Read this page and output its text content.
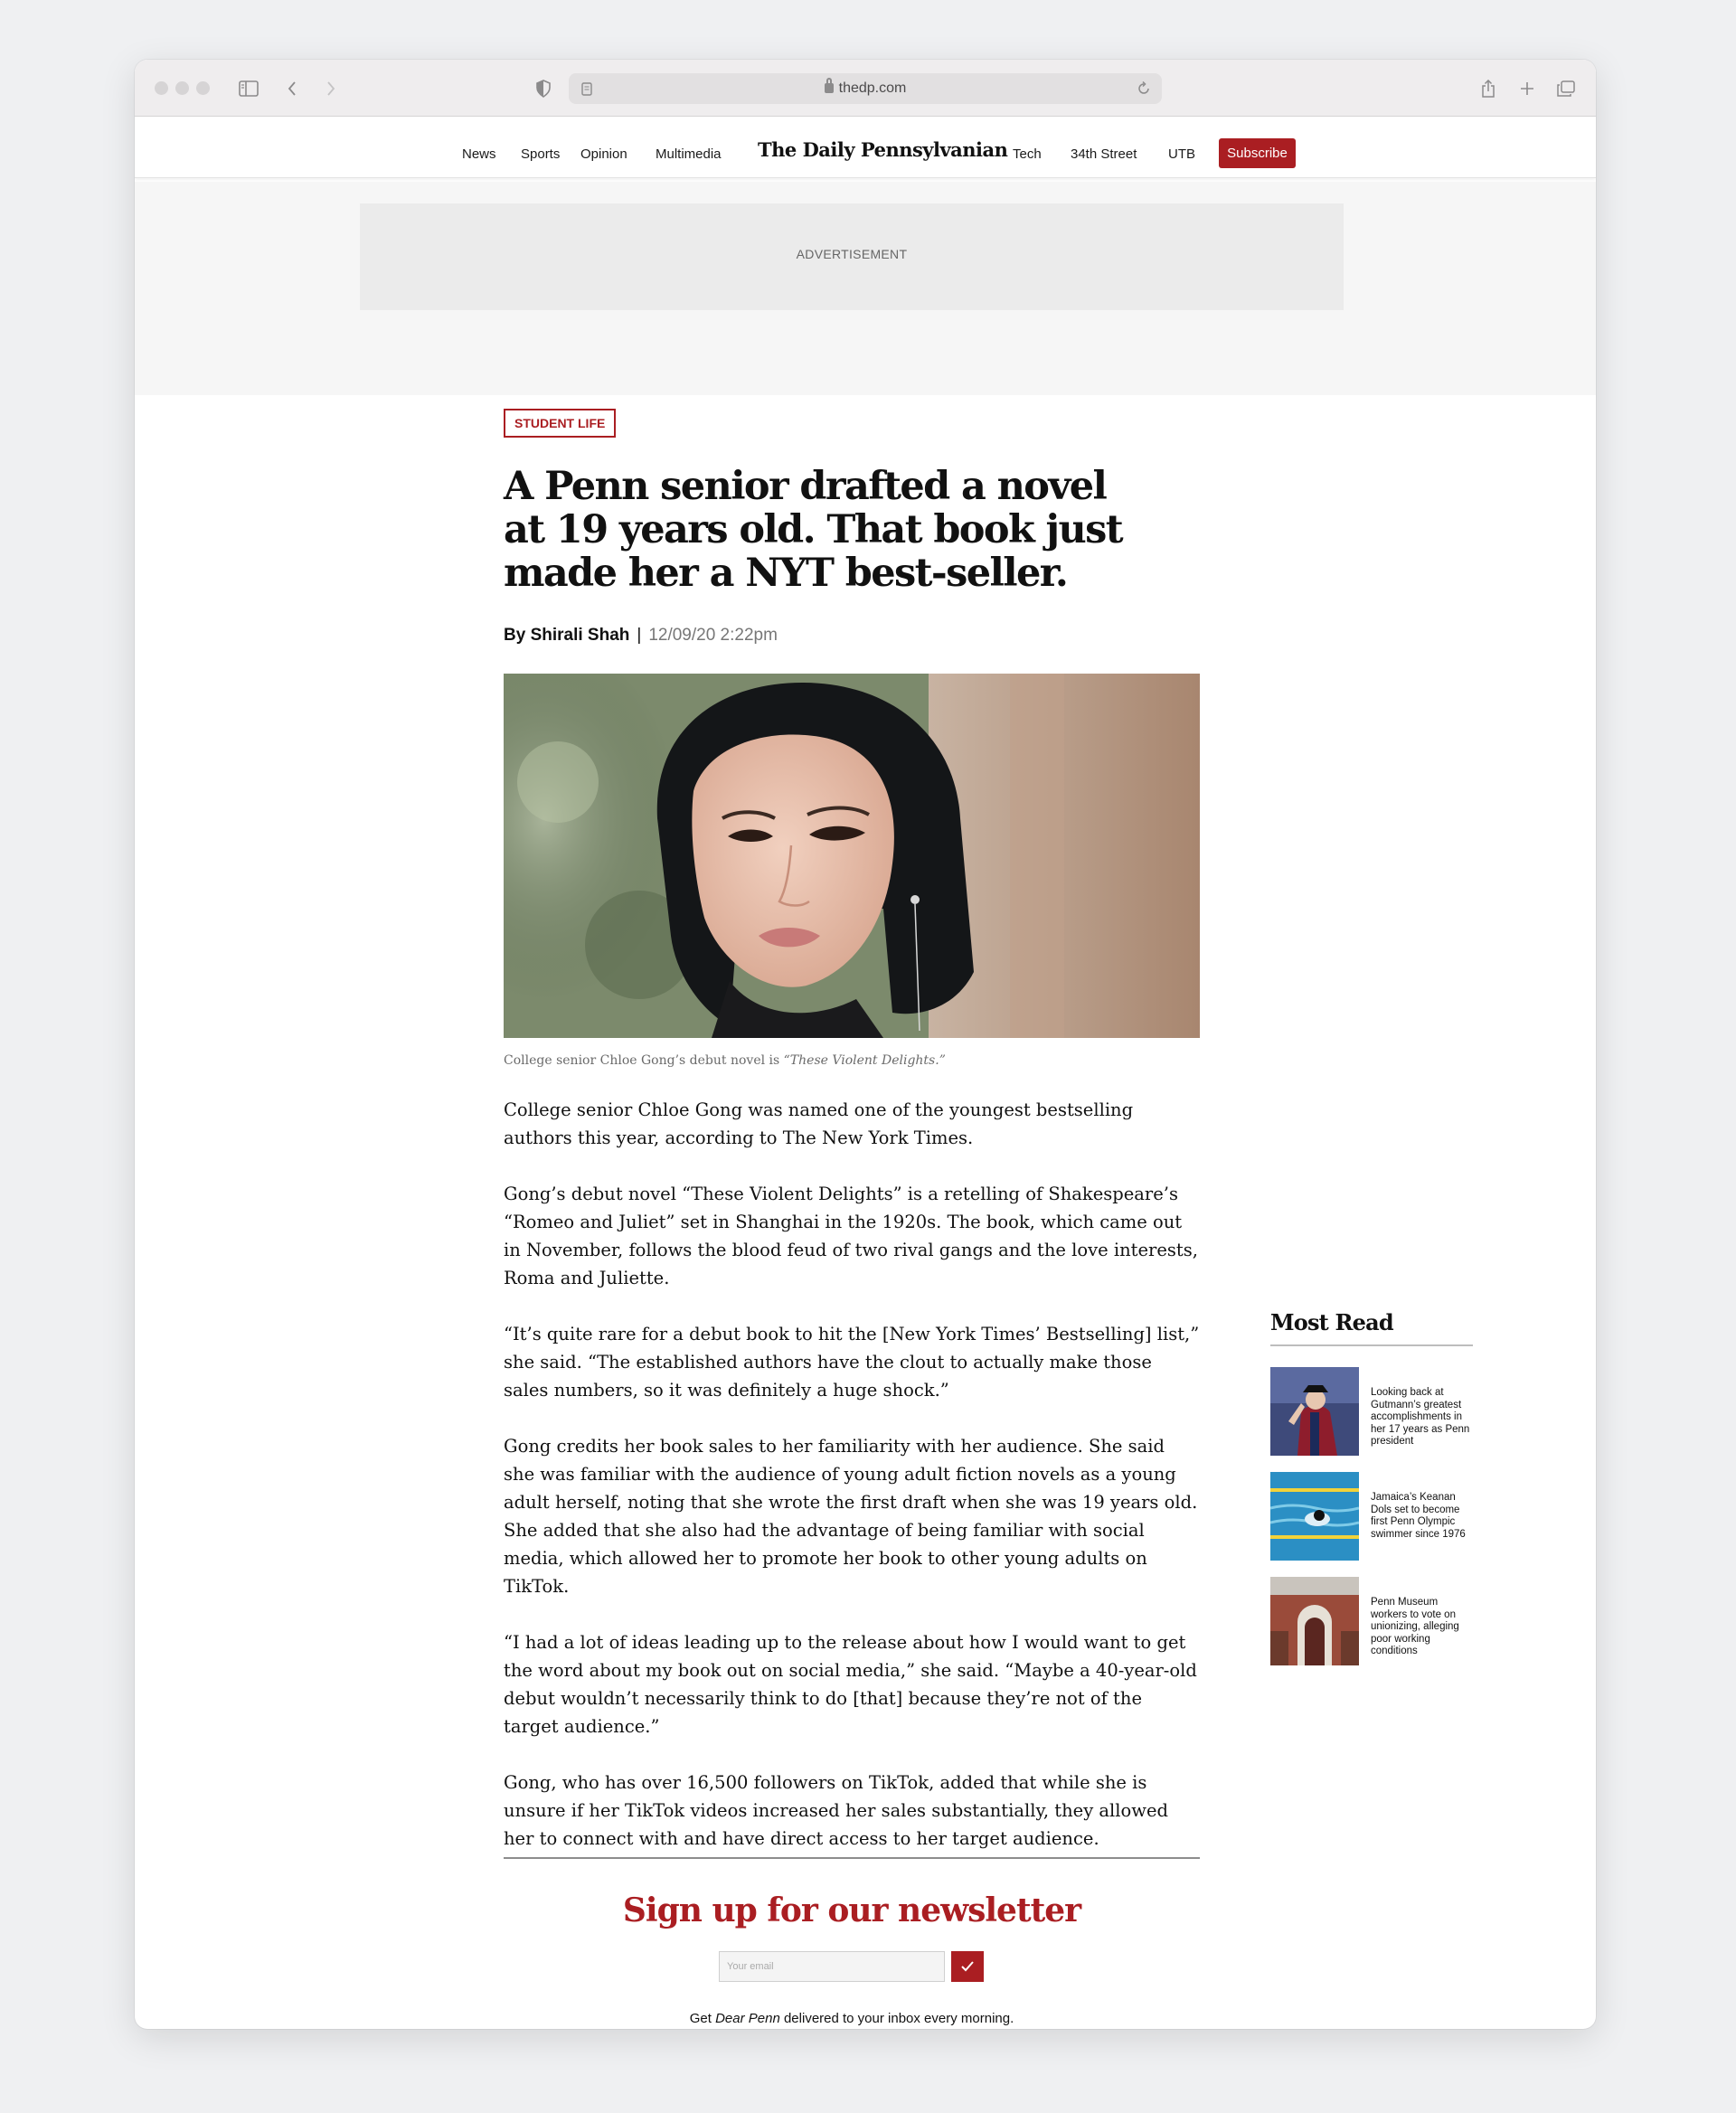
thedp.com
News Sports Opinion Multimedia The Daily Pennsylvanian Tech 34th Street UTB	Subscribe
ADVERTISEMENT
STUDENT LIFE
A Penn senior drafted a novel at 19 years old. That book just made her a NYT best-seller.
By Shirali Shah | 12/09/20 2:22pm
College senior Chloe Gong’s debut novel is “These Violent Delights.”

College senior Chloe Gong was named one of the youngest bestselling authors this year, according to The New York Times.

Gong’s debut novel “These Violent Delights” is a retelling of Shakespeare’s “Romeo and Juliet” set in Shanghai in the 1920s. The book, which came out in November, follows the blood feud of two rival gangs and the love interests, Roma and Juliette.

“It’s quite rare for a debut book to hit the [New York Times’ Bestselling] list,” she said. “The established authors have the clout to actually make those sales numbers, so it was definitely a huge shock.”

Gong credits her book sales to her familiarity with her audience. She said she was familiar with the audience of young adult fiction novels as a young adult herself, noting that she wrote the first draft when she was 19 years old. She added that she also had the advantage of being familiar with social media, which allowed her to promote her book to other young adults on TikTok.

“I had a lot of ideas leading up to the release about how I would want to get the word about my book out on social media,” she said. “Maybe a 40-year-old debut wouldn’t necessarily think to do [that] because they’re not of the target audience.”

Gong, who has over 16,500 followers on TikTok, added that while she is unsure if her TikTok videos increased her sales substantially, they allowed her to connect with and have direct access to her target audience.

Sign up for our newsletter
Your email
Get Dear Penn delivered to your inbox every morning.
Most Read
Looking back at Gutmann’s greatest accomplishments in her 17 years as Penn president
Jamaica’s Keanan Dols set to become first Penn Olympic swimmer since 1976
Penn Museum workers to vote on unionizing, alleging poor working conditions
